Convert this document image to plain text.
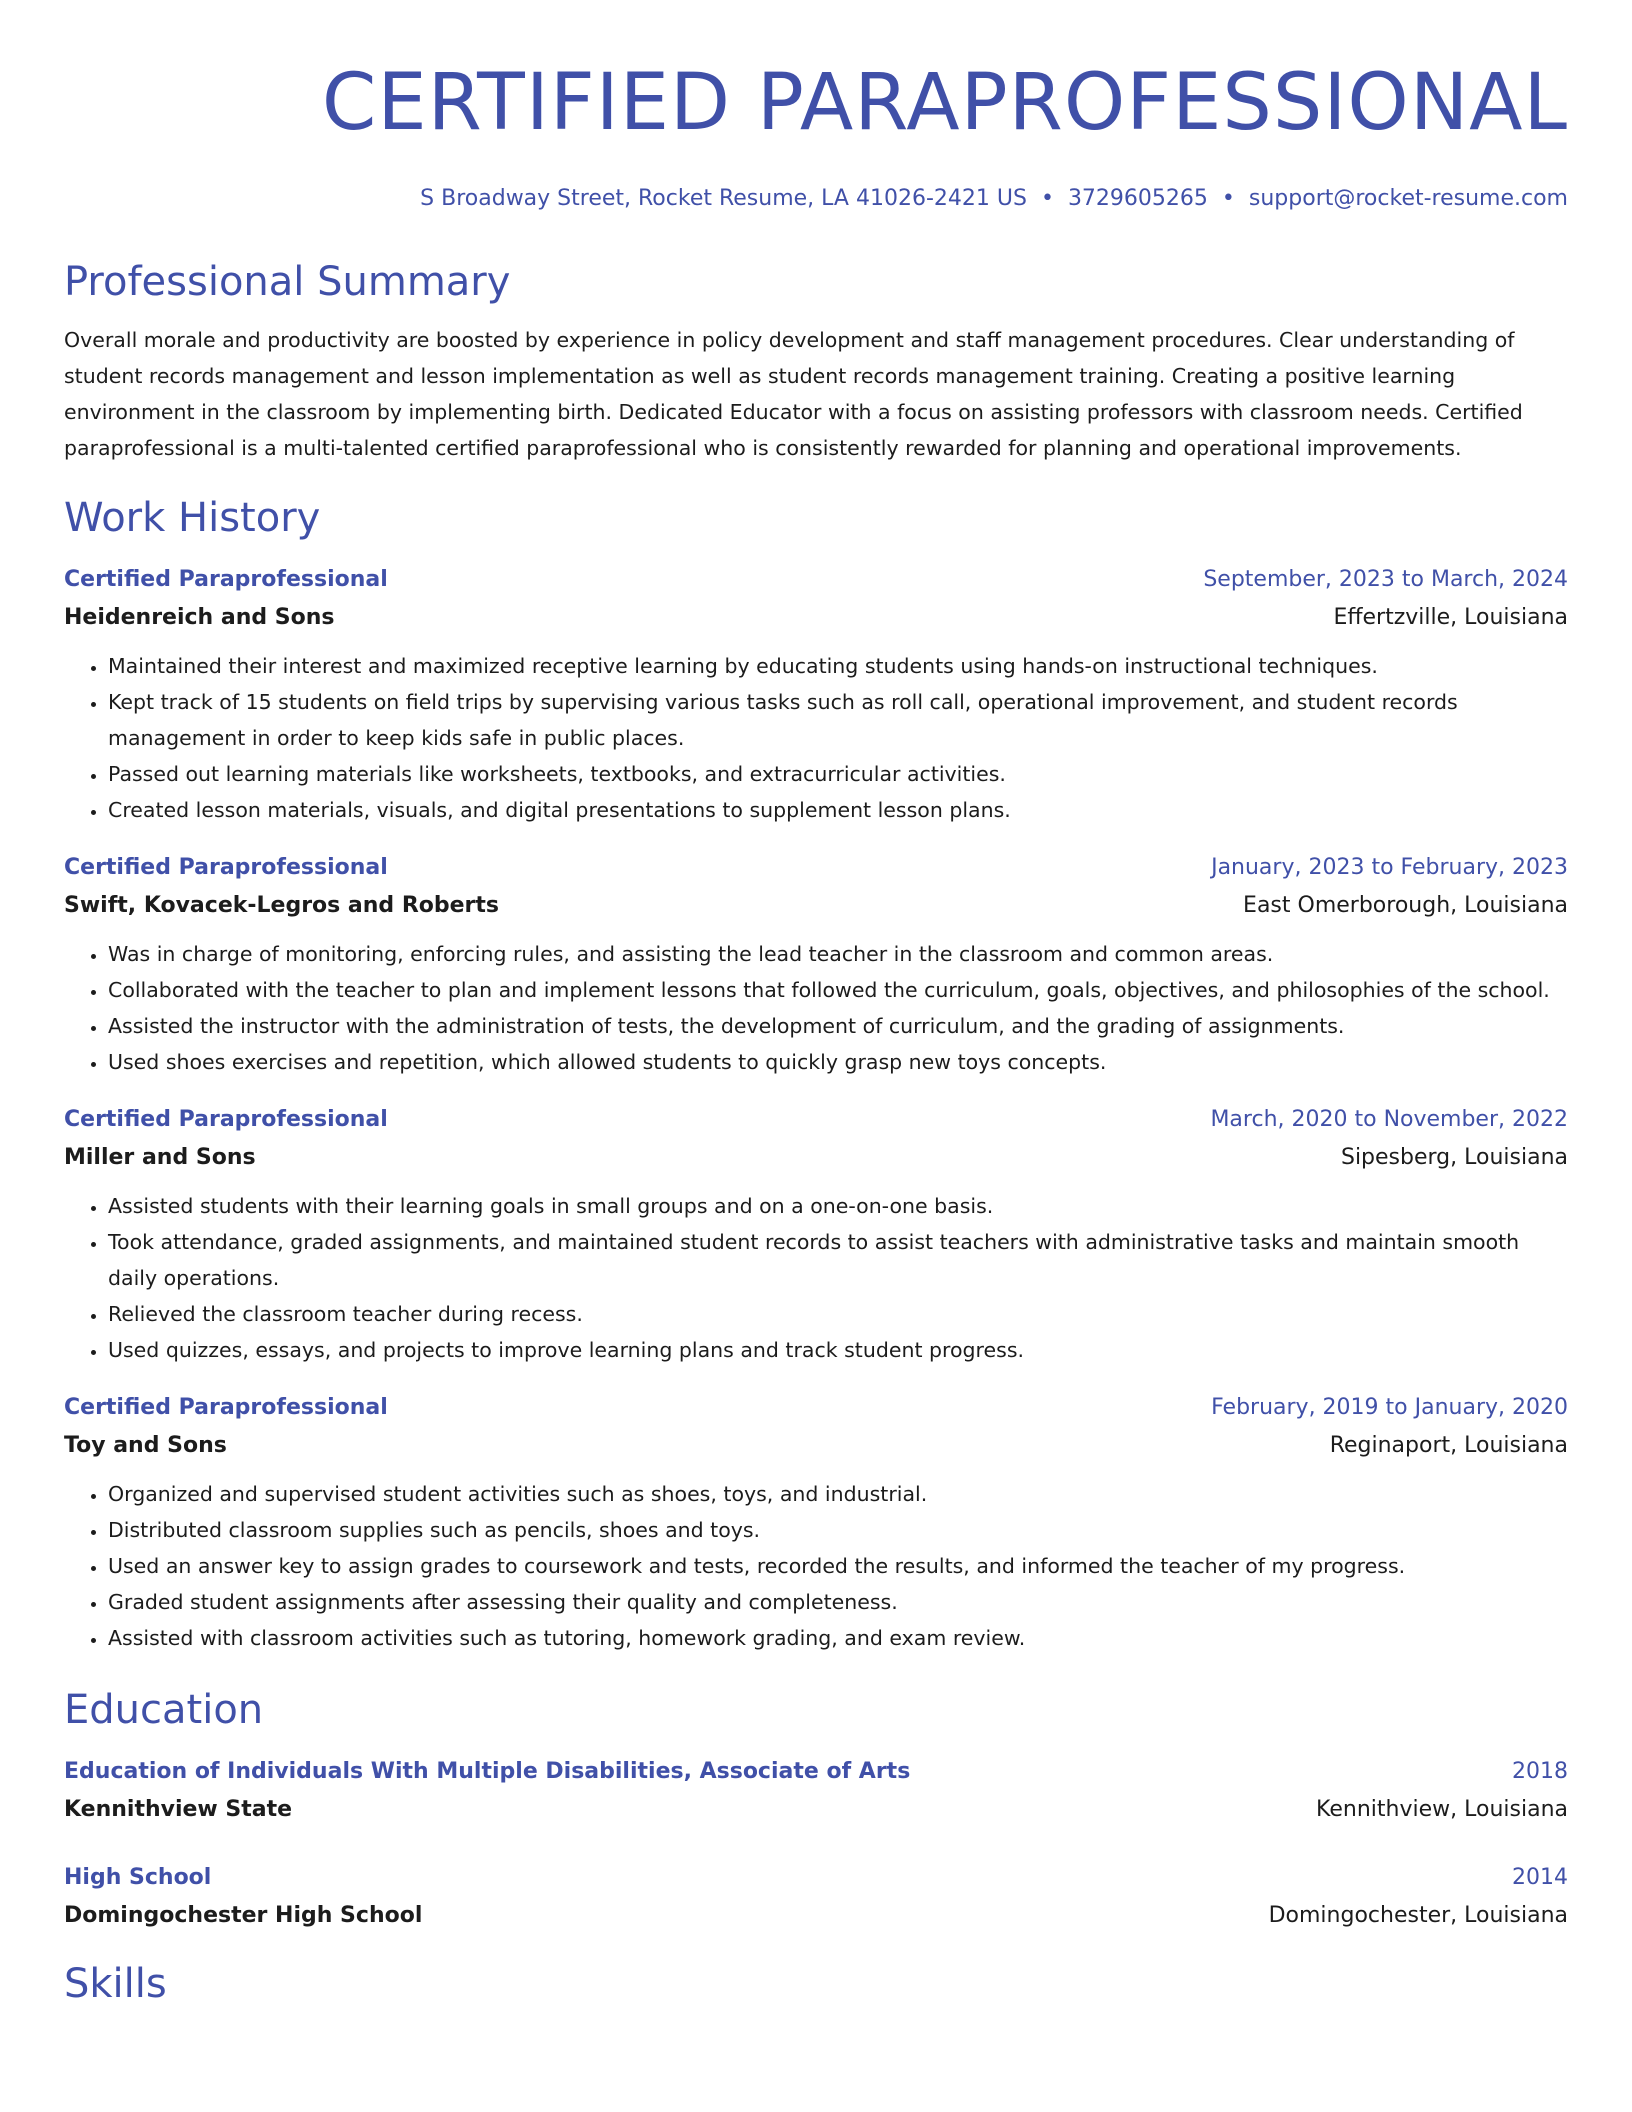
CERTIFIED PARAPROFESSIONAL
S Broadway Street, Rocket Resume, LA 41026-2421 US • 3729605265 • support@rocket-resume.com
Professional Summary
Overall morale and productivity are boosted by experience in policy development and staff management procedures. Clear understanding of student records management and lesson implementation as well as student records management training. Creating a positive learning environment in the classroom by implementing birth. Dedicated Educator with a focus on assisting professors with classroom needs. Certified paraprofessional is a multi-talented certified paraprofessional who is consistently rewarded for planning and operational improvements.
Work History
Certified Paraprofessional	September, 2023 to March, 2024
Heidenreich and Sons	Effertzville, Louisiana
• Maintained their interest and maximized receptive learning by educating students using hands-on instructional techniques.
• Kept track of 15 students on field trips by supervising various tasks such as roll call, operational improvement, and student records management in order to keep kids safe in public places.
• Passed out learning materials like worksheets, textbooks, and extracurricular activities.
• Created lesson materials, visuals, and digital presentations to supplement lesson plans.
Certified Paraprofessional	January, 2023 to February, 2023
Swift, Kovacek-Legros and Roberts	East Omerborough, Louisiana
• Was in charge of monitoring, enforcing rules, and assisting the lead teacher in the classroom and common areas.
• Collaborated with the teacher to plan and implement lessons that followed the curriculum, goals, objectives, and philosophies of the school.
• Assisted the instructor with the administration of tests, the development of curriculum, and the grading of assignments.
• Used shoes exercises and repetition, which allowed students to quickly grasp new toys concepts.
Certified Paraprofessional	March, 2020 to November, 2022
Miller and Sons	Sipesberg, Louisiana
• Assisted students with their learning goals in small groups and on a one-on-one basis.
• Took attendance, graded assignments, and maintained student records to assist teachers with administrative tasks and maintain smooth daily operations.
• Relieved the classroom teacher during recess.
• Used quizzes, essays, and projects to improve learning plans and track student progress.
Certified Paraprofessional	February, 2019 to January, 2020
Toy and Sons	Reginaport, Louisiana
• Organized and supervised student activities such as shoes, toys, and industrial.
• Distributed classroom supplies such as pencils, shoes and toys.
• Used an answer key to assign grades to coursework and tests, recorded the results, and informed the teacher of my progress.
• Graded student assignments after assessing their quality and completeness.
• Assisted with classroom activities such as tutoring, homework grading, and exam review.
Education
Education of Individuals With Multiple Disabilities, Associate of Arts	2018
Kennithview State	Kennithview, Louisiana
High School	2014
Domingochester High School	Domingochester, Louisiana
Skills
